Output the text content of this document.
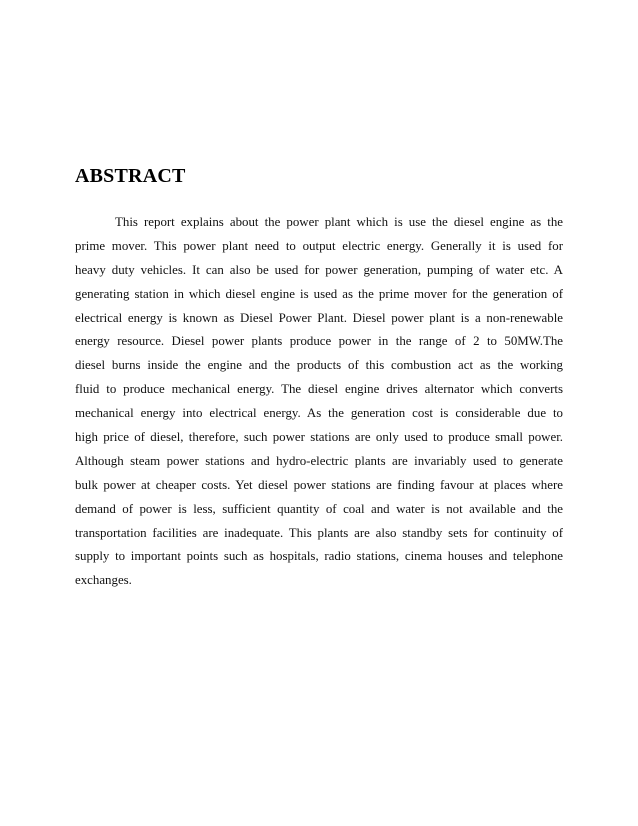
ABSTRACT
This report explains about the power plant which is use the diesel engine as the
prime mover. This power plant need to output electric energy. Generally it is used for
heavy duty vehicles. It can also be used for power generation, pumping of water etc. A
generating station in which diesel engine is used as the prime mover for the generation of
electrical energy is known as Diesel Power Plant. Diesel power plant is a non-renewable
energy resource. Diesel power plants produce power in the range of 2 to 50MW.The
diesel burns inside the engine and the products of this combustion act as the working
fluid to produce mechanical energy. The diesel engine drives alternator which converts
mechanical energy into electrical energy. As the generation cost is considerable due to
high price of diesel, therefore, such power stations are only used to produce small power.
Although steam power stations and hydro-electric plants are invariably used to generate
bulk power at cheaper costs. Yet diesel power stations are finding favour at places where
demand of power is less, sufficient quantity of coal and water is not available and the
transportation facilities are inadequate. This plants are also standby sets for continuity of
supply to important points such as hospitals, radio stations, cinema houses and telephone
exchanges.
